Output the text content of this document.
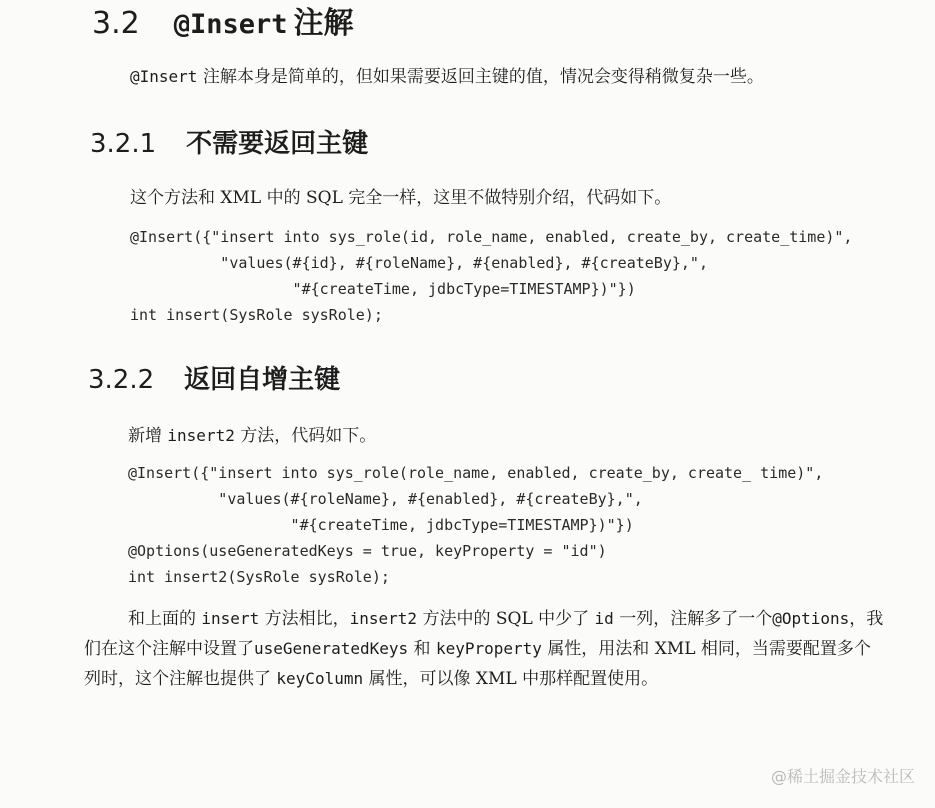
3.2 @Insert 注解
@Insert 注解本身是简单的，但如果需要返回主键的值，情况会变得稍微复杂一些。
3.2.1 不需要返回主键
这个方法和 XML 中的 SQL 完全一样，这里不做特别介绍，代码如下。
@Insert({"insert into sys_role(id, role_name, enabled, create_by, create_time)",
"values(#{id}, #{roleName}, #{enabled}, #{createBy},",
"#{createTime, jdbcType=TIMESTAMP})"})
int insert(SysRole sysRole);
3.2.2 返回自增主键
新增 insert2 方法，代码如下。
@Insert({"insert into sys_role(role_name, enabled, create_by, create_ time)",
"values(#{roleName}, #{enabled}, #{createBy},",
"#{createTime, jdbcType=TIMESTAMP})"})
@Options(useGeneratedKeys = true, keyProperty = "id")
int insert2(SysRole sysRole);

和上面的 insert 方法相比，insert2 方法中的 SQL 中少了 id 一列，注解多了一个@Options，我们在这个注解中设置了useGeneratedKeys 和 keyProperty 属性，用法和 XML 相同，当需要配置多个列时，这个注解也提供了 keyColumn 属性，可以像 XML 中那样配置使用。

@稀土掘金技术社区
